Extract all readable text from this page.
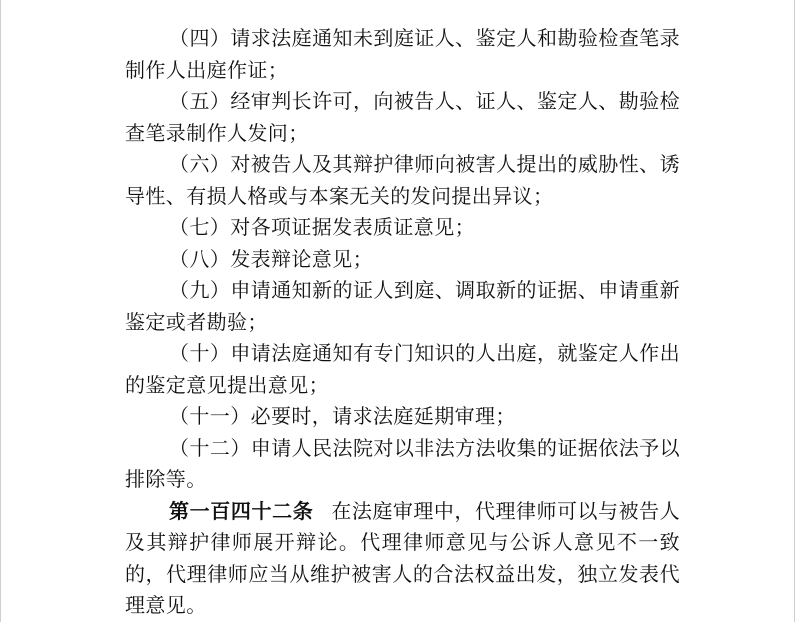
（四）请求法庭通知未到庭证人、鉴定人和勘验检查笔录制作人出庭作证；

（五）经审判长许可，向被告人、证人、鉴定人、勘验检查笔录制作人发问；

（六）对被告人及其辩护律师向被害人提出的威胁性、诱导性、有损人格或与本案无关的发问提出异议；

（七）对各项证据发表质证意见；

（八）发表辩论意见；

（九）申请通知新的证人到庭、调取新的证据、申请重新鉴定或者勘验；

（十）申请法庭通知有专门知识的人出庭，就鉴定人作出的鉴定意见提出意见；

（十一）必要时，请求法庭延期审理；

（十二）申请人民法院对以非法方法收集的证据依法予以排除等。

第一百四十二条 在法庭审理中，代理律师可以与被告人及其辩护律师展开辩论。代理律师意见与公诉人意见不一致的，代理律师应当从维护被害人的合法权益出发，独立发表代理意见。
